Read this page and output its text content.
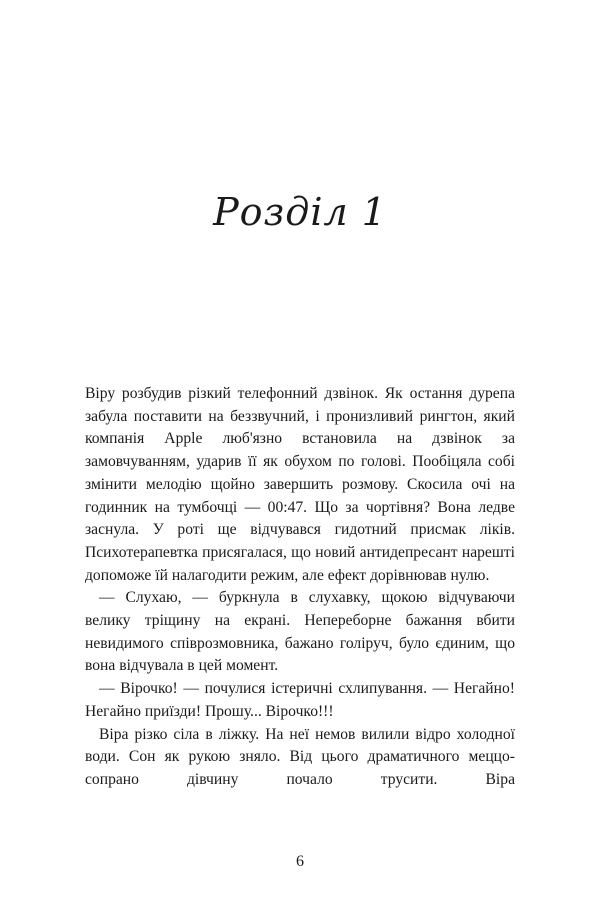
Розділ 1

Віру розбудив різкий телефонний дзвінок. Як остання дурепа забула поставити на беззвучний, і пронизливий рингтон, який компанія Apple люб'язно встановила на дзвінок за замовчуванням, ударив її як обухом по голові. Пообіцяла собі змінити мелодію щойно завершить розмову. Скосила очі на годинник на тумбочці — 00:47. Що за чортівня? Вона ледве заснула. У роті ще відчувався гидотний присмак ліків. Психотерапевтка присягалася, що новий антидепресант нарешті допоможе їй налагодити режим, але ефект дорівнював нулю.

— Слухаю, — буркнула в слухавку, щокою відчуваючи велику тріщину на екрані. Непереборне бажання вбити невидимого співрозмовника, бажано голіруч, було єдиним, що вона відчувала в цей момент.

— Вірочко! — почулися істеричні схлипування. — Негайно! Негайно приїзди! Прошу... Вірочко!!!

Віра різко сіла в ліжку. На неї немов вилили відро холодної води. Сон як рукою зняло. Від цього драматичного меццо-сопрано дівчину почало трусити. Віра

6
